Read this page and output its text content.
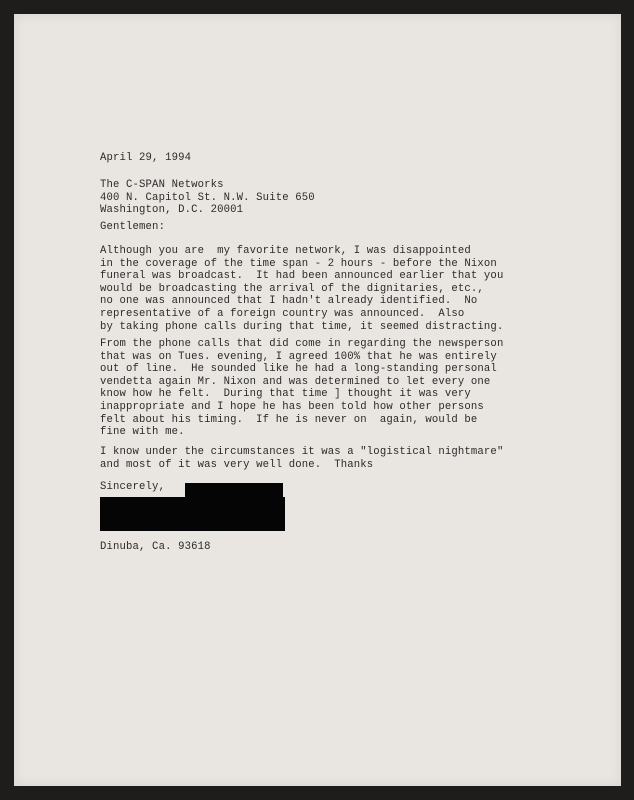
April 29, 1994
The C-SPAN Networks
400 N. Capitol St. N.W. Suite 650
Washington, D.C. 20001
Gentlemen:
Although you are  my favorite network, I was disappointed
in the coverage of the time span - 2 hours - before the Nixon
funeral was broadcast.  It had been announced earlier that you
would be broadcasting the arrival of the dignitaries, etc.,
no one was announced that I hadn't already identified.  No
representative of a foreign country was announced.  Also
by taking phone calls during that time, it seemed distracting.
From the phone calls that did come in regarding the newsperson
that was on Tues. evening, I agreed 100% that he was entirely
out of line.  He sounded like he had a long-standing personal
vendetta again Mr. Nixon and was determined to let every one
know how he felt.  During that time ] thought it was very
inappropriate and I hope he has been told how other persons
felt about his timing.  If he is never on  again, would be
fine with me.
I know under the circumstances it was a "logistical nightmare"
and most of it was very well done.  Thanks
Sincerely,
Dinuba, Ca. 93618
